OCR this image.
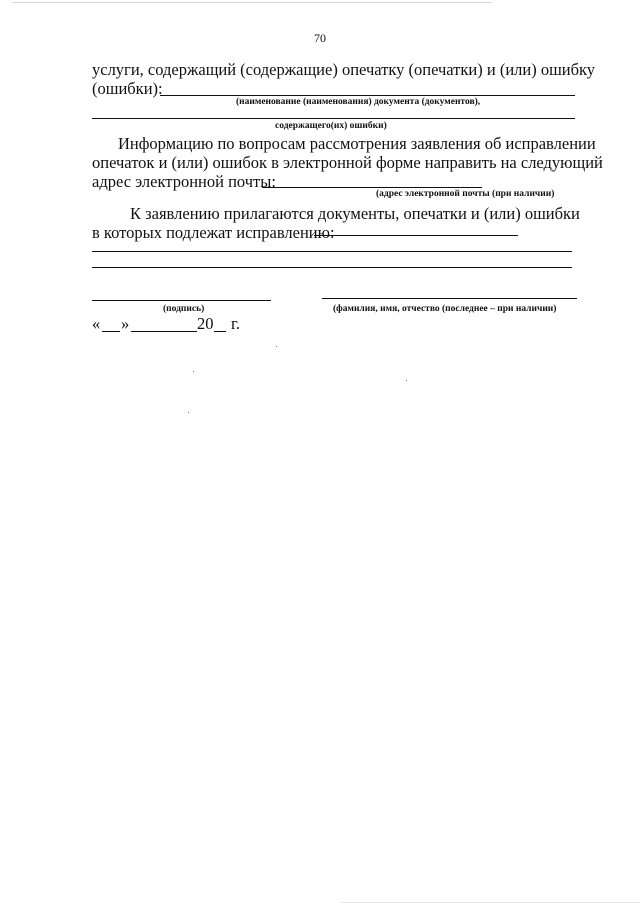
70
услуги, содержащий (содержащие) опечатку (опечатки) и (или) ошибку
(ошибки):
(наименование (наименования) документа (документов),
содержащего(их) ошибки)
Информацию по вопросам рассмотрения заявления об исправлении
опечаток и (или) ошибок в электронной форме направить на следующий
адрес электронной почты:
(адрес электронной почты (при наличии)
К заявлению прилагаются документы, опечатки и (или) ошибки
в которых подлежат исправлению:
(подпись)	(фамилия, имя, отчество (последнее – при наличии)
« »	20 г.
